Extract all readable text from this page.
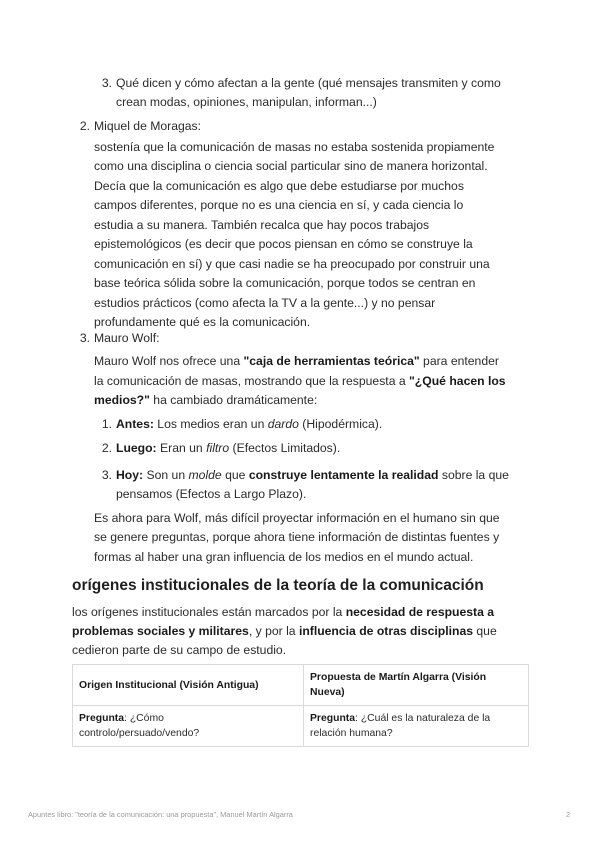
3. Qué dicen y cómo afectan a la gente (qué mensajes transmiten y como
crean modas, opiniones, manipulan, informan...)
2. Miquel de Moragas:
sostenía que la comunicación de masas no estaba sostenida propiamente
como una disciplina o ciencia social particular sino de manera horizontal.
Decía que la comunicación es algo que debe estudiarse por muchos
campos diferentes, porque no es una ciencia en sí, y cada ciencia lo
estudia a su manera. También recalca que hay pocos trabajos
epistemológicos (es decir que pocos piensan en cómo se construye la
comunicación en sí) y que casi nadie se ha preocupado por construir una
base teórica sólida sobre la comunicación, porque todos se centran en
estudios prácticos (como afecta la TV a la gente...) y no pensar
profundamente qué es la comunicación.
3. Mauro Wolf:
Mauro Wolf nos ofrece una "caja de herramientas teórica" para entender
la comunicación de masas, mostrando que la respuesta a "¿Qué hacen los
medios?" ha cambiado dramáticamente:
1. Antes: Los medios eran un dardo (Hipodérmica).
2. Luego: Eran un filtro (Efectos Limitados).
3. Hoy: Son un molde que construye lentamente la realidad sobre la que
pensamos (Efectos a Largo Plazo).
Es ahora para Wolf, más difícil proyectar información en el humano sin que
se genere preguntas, porque ahora tiene información de distintas fuentes y
formas al haber una gran influencia de los medios en el mundo actual.
orígenes institucionales de la teoría de la comunicación
los orígenes institucionales están marcados por la necesidad de respuesta a
problemas sociales y militares, y por la influencia de otras disciplinas que
cedieron parte de su campo de estudio.
Origen Institucional (Visión Antigua)	Propuesta de Martín Algarra (Visión
Nueva)
Pregunta: ¿Cómo
controlo/persuado/vendo?	Pregunta: ¿Cuál es la naturaleza de la
relación humana?
Apuntes libro: "teoría de la comunicación: una propuesta", Manuel Martín Algarra	2
